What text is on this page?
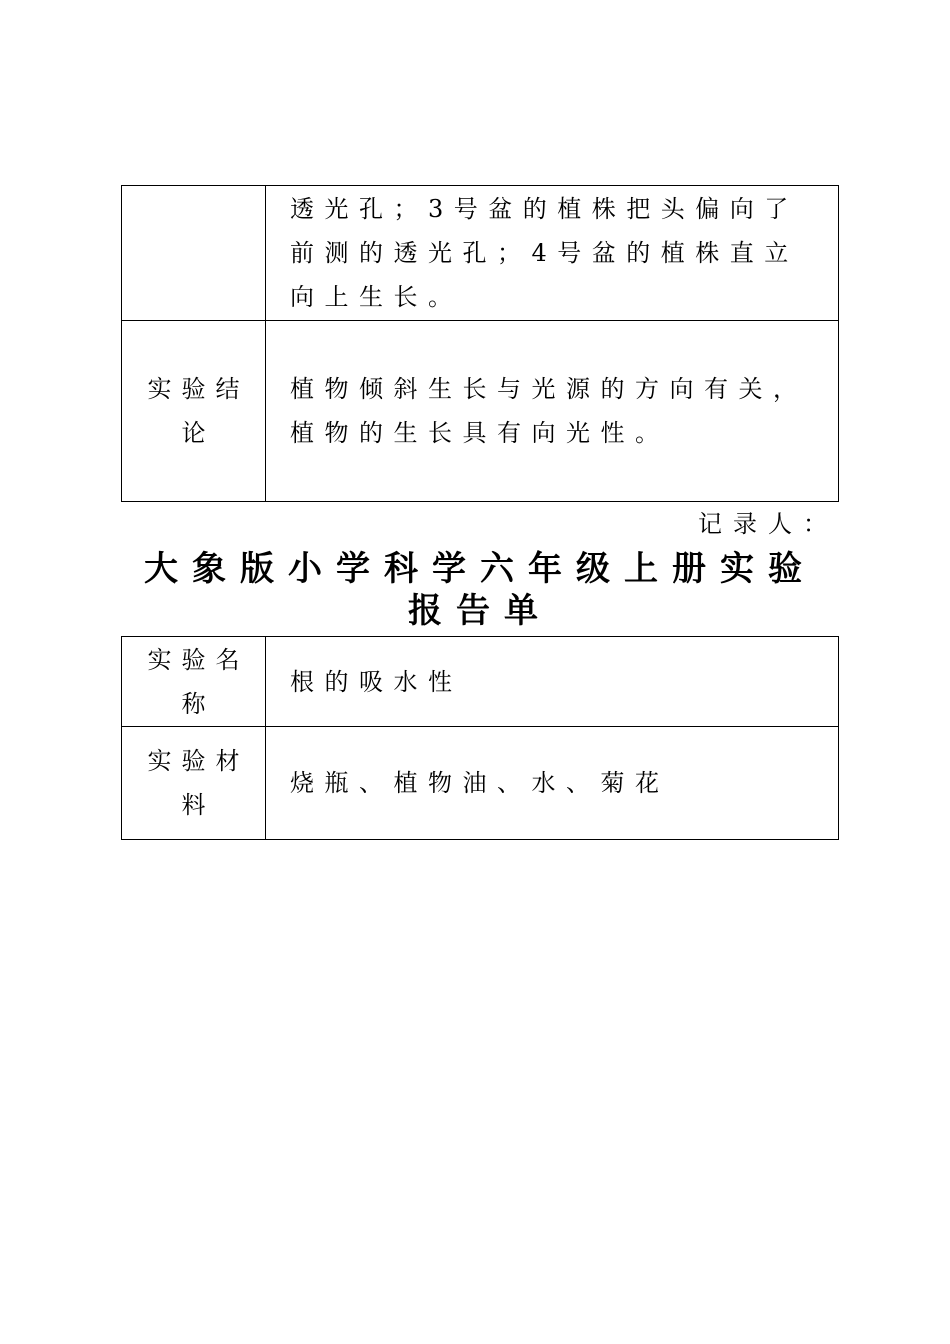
	透光孔；3号盆的植株把头偏向了前测的透光孔；4号盆的植株直立向上生长。
实验结论	植物倾斜生长与光源的方向有关，植物的生长具有向光性。
记录人：
大象版小学科学六年级上册实验报告单
实验名称	根的吸水性
实验材料	烧瓶、植物油、水、菊花
